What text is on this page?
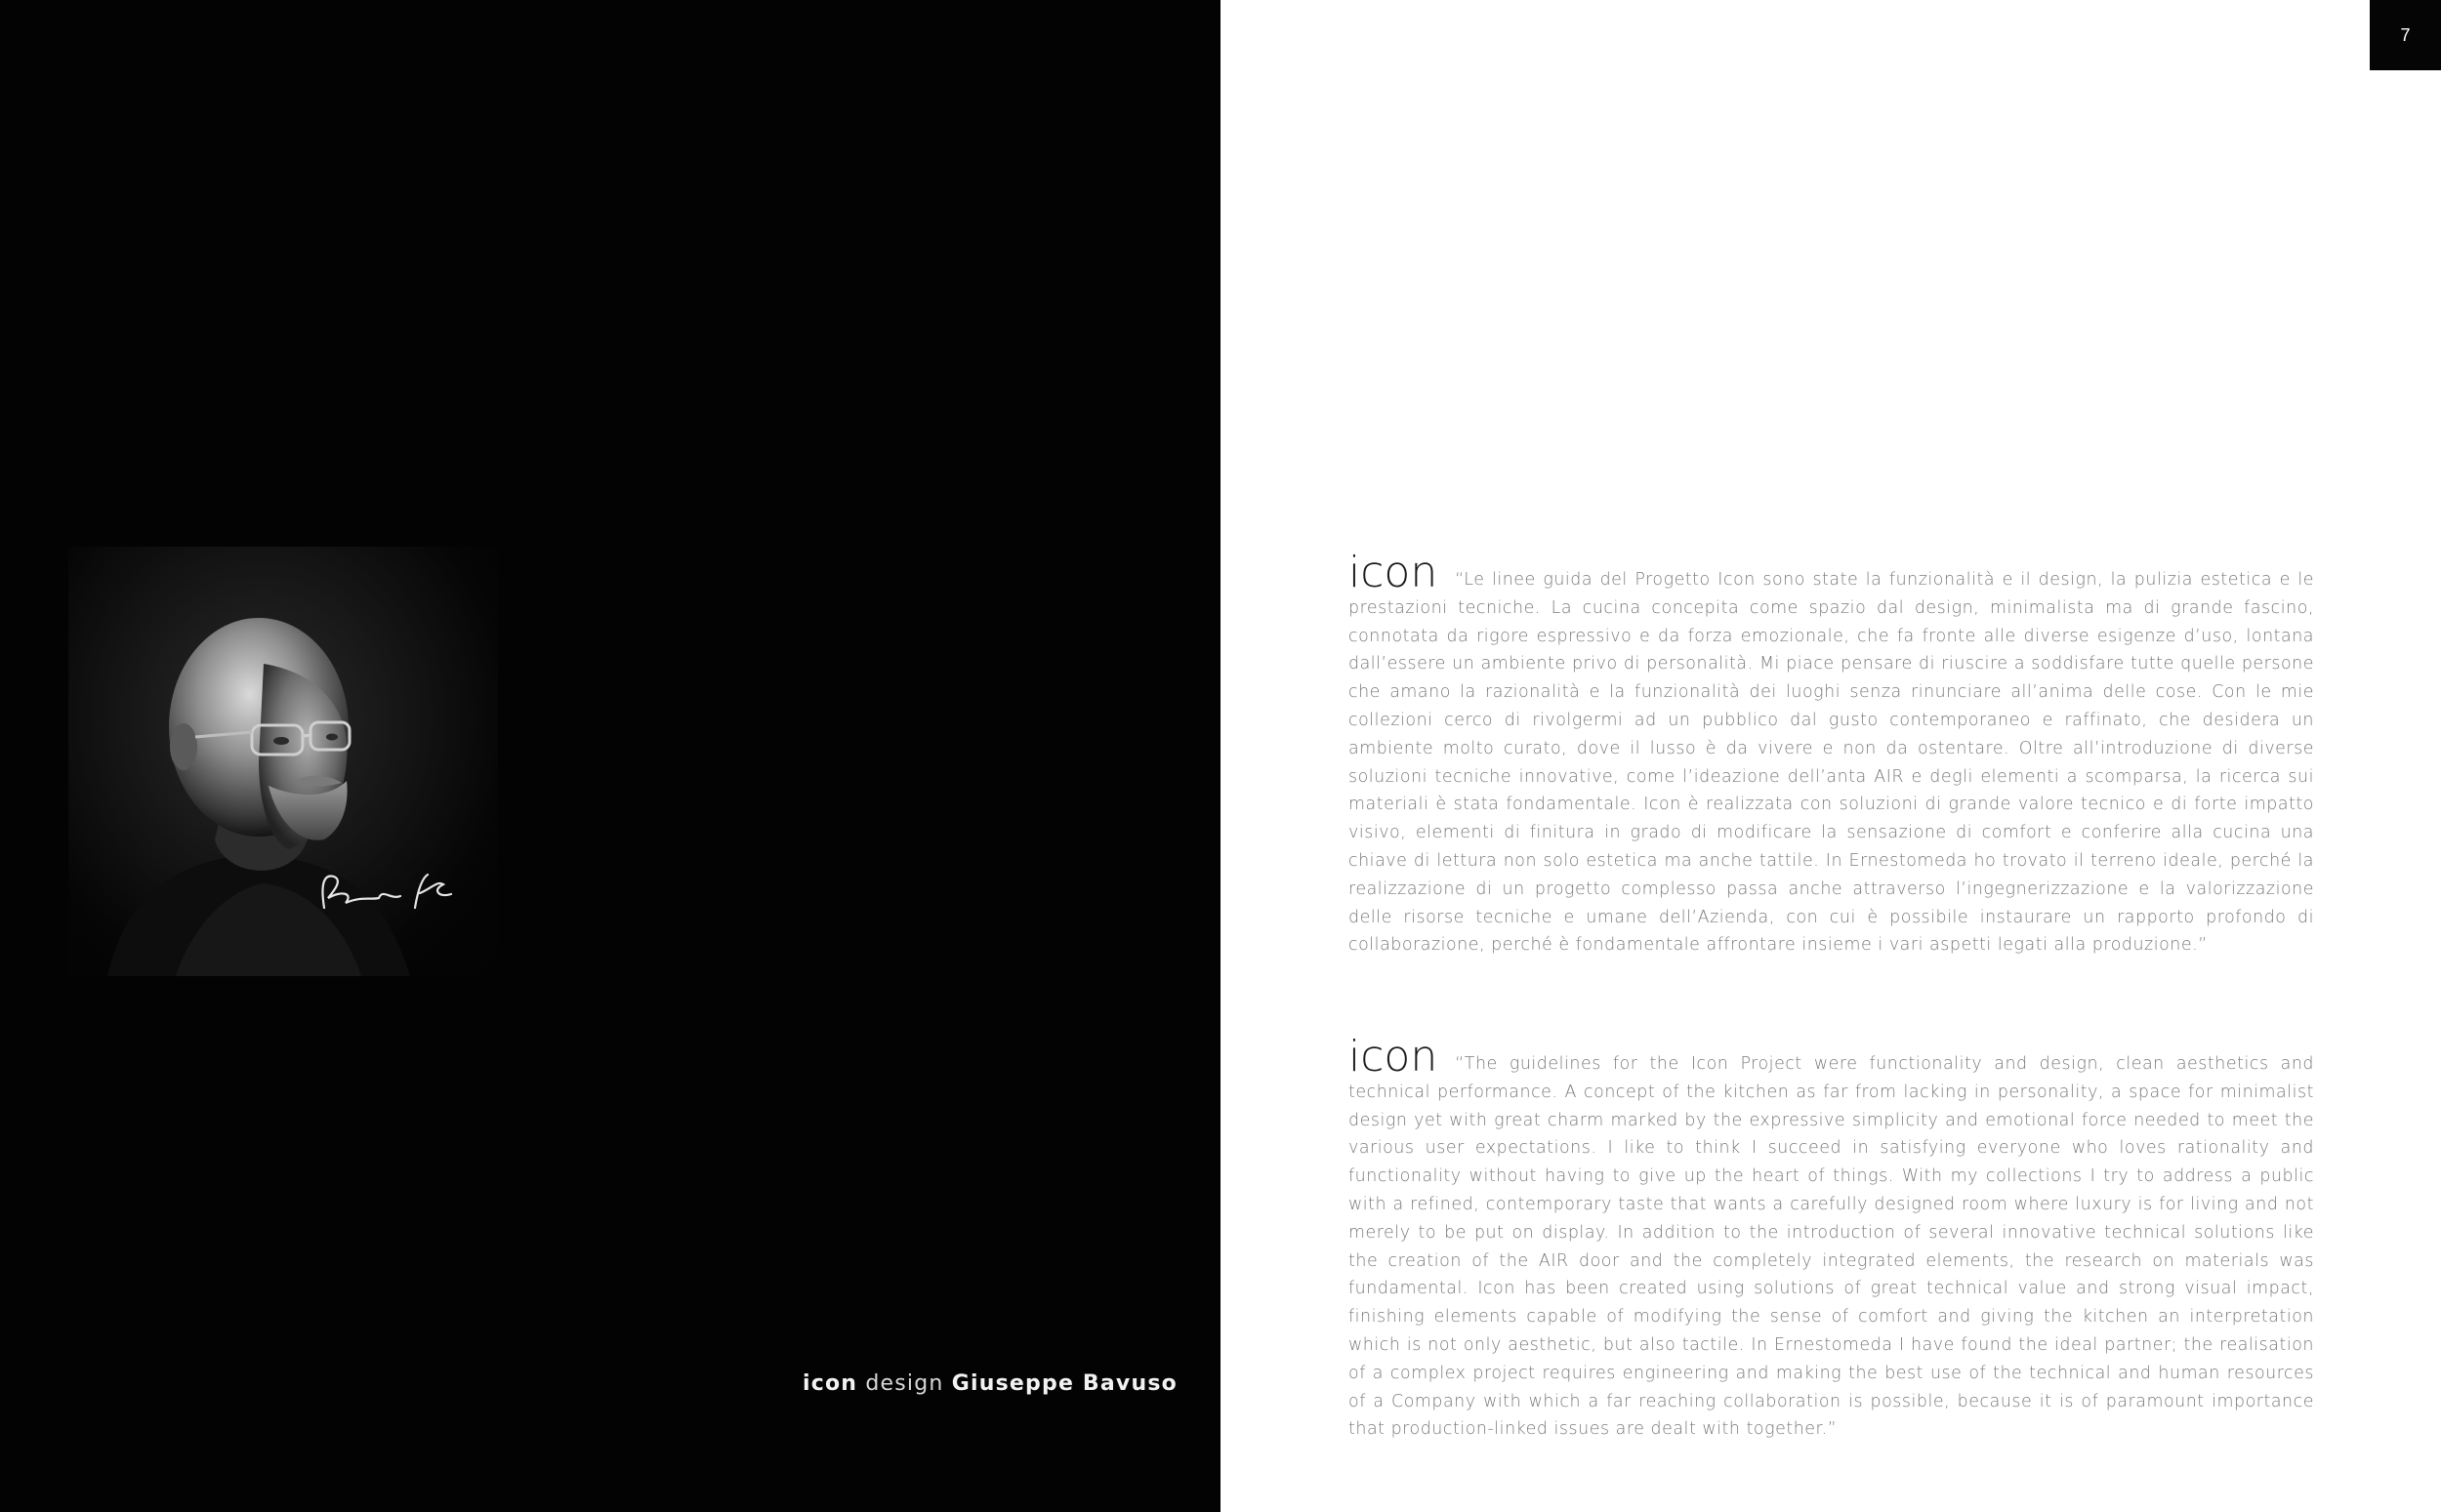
icon design Giuseppe Bavuso
7
icon “Le linee guida del Progetto Icon sono state la funzionalità e il design, la pulizia estetica e le prestazioni tecniche. La cucina concepita come spazio dal design, minimalista ma di grande fascino, connotata da rigore espressivo e da forza emozionale, che fa fronte alle diverse esigenze d’uso, lontana dall’essere un ambiente privo di personalità. Mi piace pensare di riuscire a soddisfare tutte quelle persone che amano la razionalità e la funzionalità dei luoghi senza rinunciare all’anima delle cose. Con le mie collezioni cerco di rivolgermi ad un pubblico dal gusto contemporaneo e raffinato, che desidera un ambiente molto curato, dove il lusso è da vivere e non da ostentare. Oltre all’introduzione di diverse soluzioni tecniche innovative, come l’ideazione dell’anta AIR e degli elementi a scomparsa, la ricerca sui materiali è stata fondamentale. Icon è realizzata con soluzioni di grande valore tecnico e di forte impatto visivo, elementi di finitura in grado di modificare la sensazione di comfort e conferire alla cucina una chiave di lettura non solo estetica ma anche tattile. In Ernestomeda ho trovato il terreno ideale, perché la realizzazione di un progetto complesso passa anche attraverso l’ingegnerizzazione e la valorizzazione delle risorse tecniche e umane dell’Azienda, con cui è possibile instaurare un rapporto profondo di collaborazione, perché è fondamentale affrontare insieme i vari aspetti legati alla produzione.”
icon “The guidelines for the Icon Project were functionality and design, clean aesthetics and technical performance. A concept of the kitchen as far from lacking in personality, a space for minimalist design yet with great charm marked by the expressive simplicity and emotional force needed to meet the various user expectations. I like to think I succeed in satisfying everyone who loves rationality and functionality without having to give up the heart of things. With my collections I try to address a public with a refined, contemporary taste that wants a carefully designed room where luxury is for living and not merely to be put on display. In addition to the introduction of several innovative technical solutions like the creation of the AIR door and the completely integrated elements, the research on materials was fundamental. Icon has been created using solutions of great technical value and strong visual impact, finishing elements capable of modifying the sense of comfort and giving the kitchen an interpretation which is not only aesthetic, but also tactile. In Ernestomeda I have found the ideal partner; the realisation of a complex project requires engineering and making the best use of the technical and human resources of a Company with which a far reaching collaboration is possible, because it is of paramount importance that production-linked issues are dealt with together.”
